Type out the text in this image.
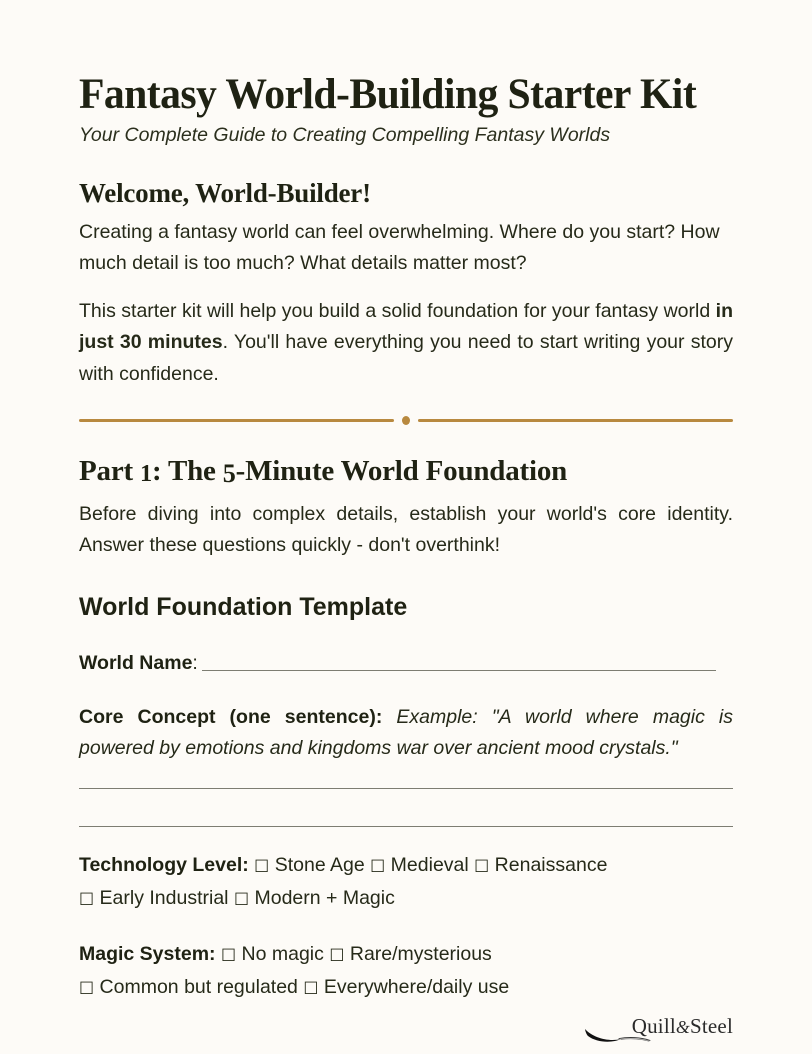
Fantasy World-Building Starter Kit
Your Complete Guide to Creating Compelling Fantasy Worlds
Welcome, World-Builder!

Creating a fantasy world can feel overwhelming. Where do you start? How much detail is too much? What details matter most?

This starter kit will help you build a solid foundation for your fantasy world in just 30 minutes. You'll have everything you need to start writing your story with confidence.

Part 1: The 5-Minute World Foundation

Before diving into complex details, establish your world's core identity. Answer these questions quickly - don't overthink!

World Foundation Template
World Name:
Core Concept (one sentence): Example: "A world where magic is powered by emotions and kingdoms war over ancient mood crystals."
Technology Level: □ Stone Age □ Medieval □ Renaissance
□ Early Industrial □ Modern + Magic
Magic System: □ No magic □ Rare/mysterious
□ Common but regulated □ Everywhere/daily use
Quill&Steel
